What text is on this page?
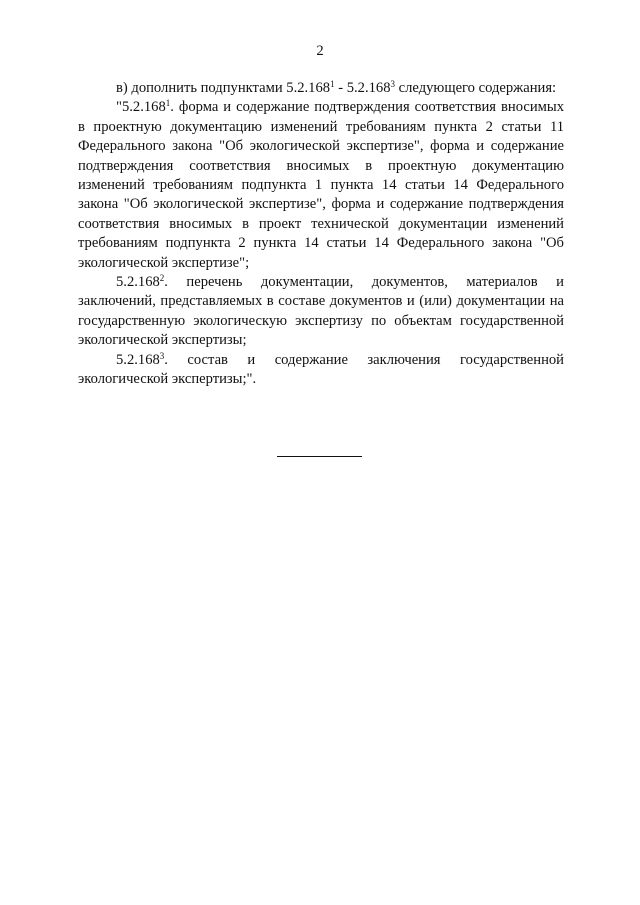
2

в) дополнить подпунктами 5.2.168$^1$ - 5.2.168$^3$ следующего содержания:

"5.2.168$^1$. форма и содержание подтверждения соответствия вносимых в проектную документацию изменений требованиям пункта 2 статьи 11 Федерального закона "Об экологической экспертизе", форма и содержание подтверждения соответствия вносимых в проектную документацию изменений требованиям подпункта 1 пункта 14 статьи 14 Федерального закона "Об экологической экспертизе", форма и содержание подтверждения соответствия вносимых в проект технической документации изменений требованиям подпункта 2 пункта 14 статьи 14 Федерального закона "Об экологической экспертизе";

5.2.168$^2$. перечень документации, документов, материалов и заключений, представляемых в составе документов и (или) документации на государственную экологическую экспертизу по объектам государственной экологической экспертизы;

5.2.168$^3$. состав и содержание заключения государственной экологической экспертизы;".
